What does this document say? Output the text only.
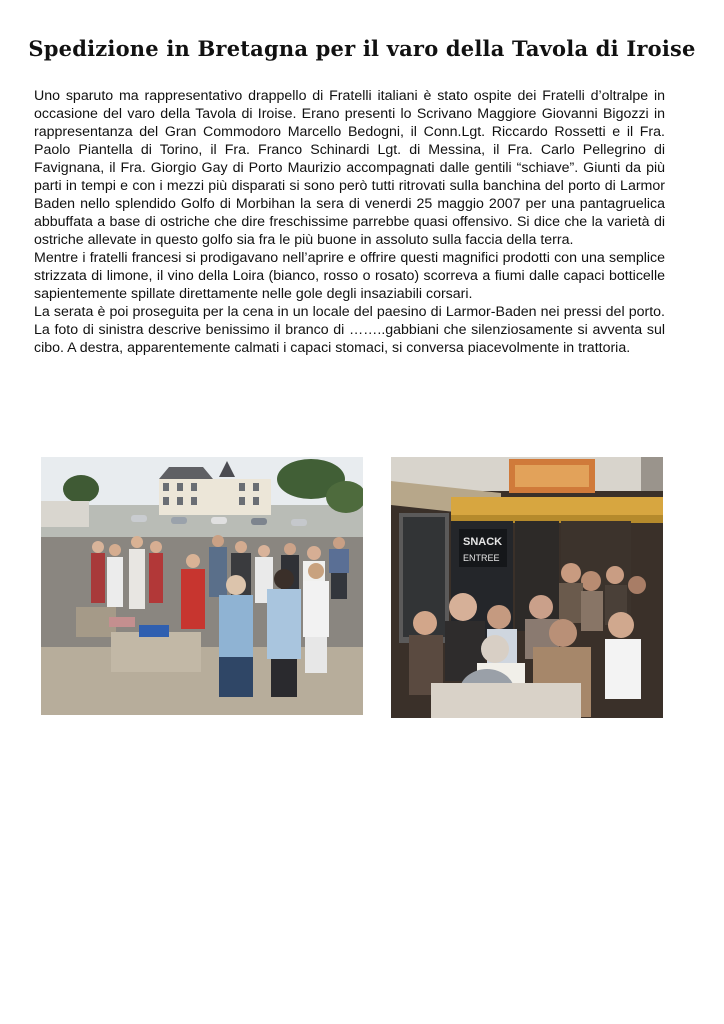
Spedizione in Bretagna per il varo della Tavola di Iroise

Uno sparuto ma rappresentativo drappello di Fratelli italiani è stato ospite dei Fratelli d’oltralpe in occasione del varo della Tavola di Iroise. Erano presenti lo Scrivano Maggiore Giovanni Bigozzi in rappresentanza del Gran Commodoro Marcello Bedogni, il Conn.Lgt. Riccardo Rossetti e il Fra. Paolo Piantella di Torino, il Fra. Franco Schinardi Lgt. di Messina, il Fra. Carlo Pellegrino di Favignana, il Fra. Giorgio Gay di Porto Maurizio accompagnati dalle gentili “schiave”. Giunti da più parti in tempi e con i mezzi più disparati si sono però tutti ritrovati sulla banchina del porto di Larmor Baden nello splendido Golfo di Morbihan la sera di venerdi 25 maggio 2007 per una pantagruelica abbuffata a base di ostriche che dire freschissime parrebbe quasi offensivo. Si dice che la varietà di ostriche allevate in questo golfo sia fra le più buone in assoluto sulla faccia della terra.

Mentre i fratelli francesi si prodigavano nell’aprire e offrire questi magnifici prodotti con una semplice strizzata di limone, il vino della Loira (bianco, rosso o rosato) scorreva a fiumi dalle capaci botticelle sapientemente spillate direttamente nelle gole degli insaziabili corsari.

La serata è poi proseguita per la cena in un locale del paesino di Larmor-Baden nei pressi del porto. La foto di sinistra descrive benissimo il branco di ……..gabbiani che silenziosamente si avventa sul cibo. A destra, apparentemente calmati i capaci stomaci, si conversa piacevolmente in trattoria.

SNACK
ENTREE
